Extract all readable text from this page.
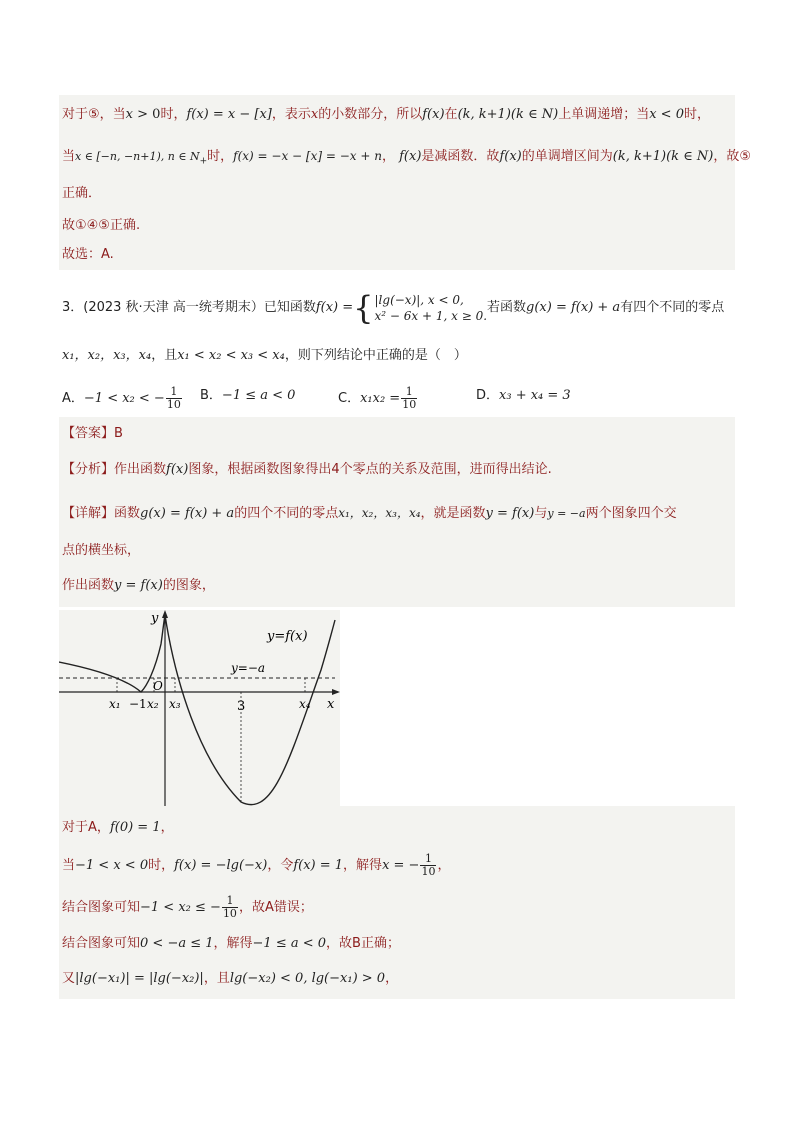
对于⑤，当x > 0时，f(x) = x − [x]，表示x的小数部分，所以f(x)在(k, k+1)(k ∈ N)上单调递增；当x < 0时，
当x ∈ [−n, −n+1), n ∈ $N_+$时，f(x) = −x − [x] = −x + n， f(x)是减函数．故f(x)的单调增区间为(k, k+1)(k ∈ N)，故⑤
正确．
故①④⑤正确.
故选：A.
3．(2023 秋·天津 高一统考期末）已知函数f(x) ={ |lg(−x)|, x < 0,
x² − 6x + 1, x ≥ 0.
若函数g(x) = f(x) + a有四个不同的零点
x₁，x₂，x₃，x₄，且x₁ < x₂ < x₃ < x₄，则下列结论中正确的是（　）
A．−1 < x₂ < − $\frac{1}{10}$ B．−1 ≤ a < 0	C．$x_1x_2 = \frac{1}{10}$	D．x₃ + x₄ = 3
【答案】B
【分析】作出函数f(x)图象，根据函数图象得出4个零点的关系及范围，进而得出结论.
【详解】函数g(x) = f(x) + a的四个不同的零点x₁，x₂，x₃，x₄，就是函数y = f(x)与y = −a两个图象四个交
点的横坐标，
作出函数y = f(x)的图象，
y
x
O
y=f(x)
y=−a
x₁ −1 x₂ x₃	3	x₄
对于A，f(0) = 1，
当−1 < x < 0时，f(x) = −lg(−x)，令f(x) = 1，解得x = − $\frac{1}{10}$ ，
结合图象可知−1 < x₂ ≤ − $\frac{1}{10}$ ，故A错误；
结合图象可知0 < −a ≤ 1，解得−1 ≤ a < 0，故B正确；
又|lg(−x₁)| = |lg(−x₂)|，且lg(−x₂) < 0, lg(−x₁) > 0，
